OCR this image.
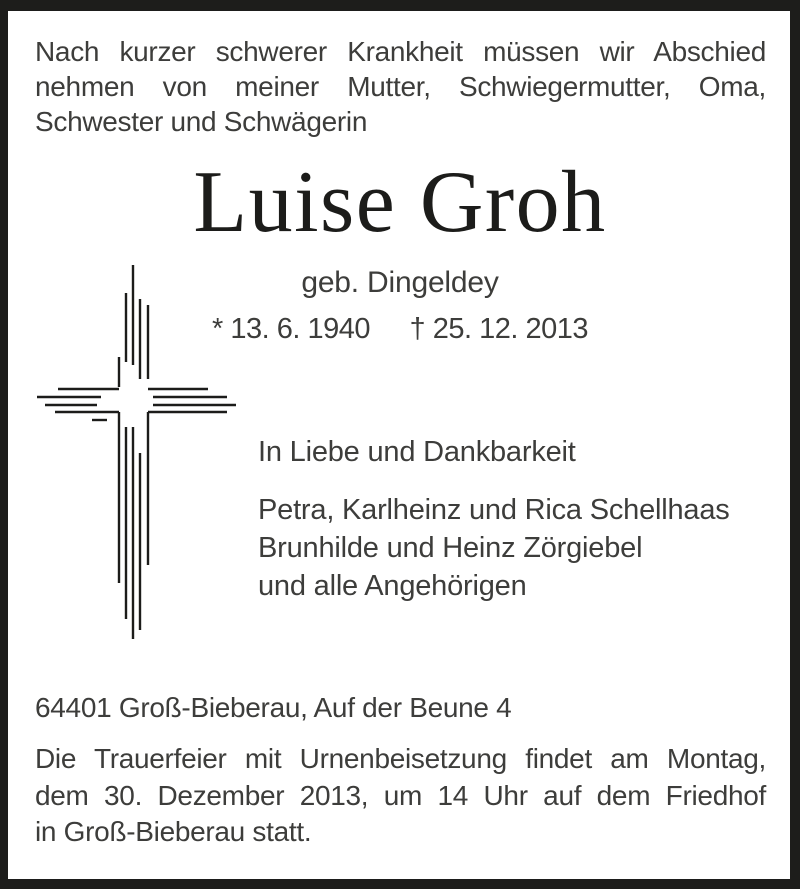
Nach kurzer schwerer Krankheit müssen wir Abschied
nehmen von meiner Mutter, Schwiegermutter, Oma,
Schwester und Schwägerin
Luise Groh
geb. Dingeldey
* 13. 6. 1940 † 25. 12. 2013
In Liebe und Dankbarkeit
Petra, Karlheinz und Rica Schellhaas
Brunhilde und Heinz Zörgiebel
und alle Angehörigen
64401 Groß-Bieberau, Auf der Beune 4
Die Trauerfeier mit Urnenbeisetzung findet am Montag,
dem 30. Dezember 2013, um 14 Uhr auf dem Friedhof
in Groß-Bieberau statt.
